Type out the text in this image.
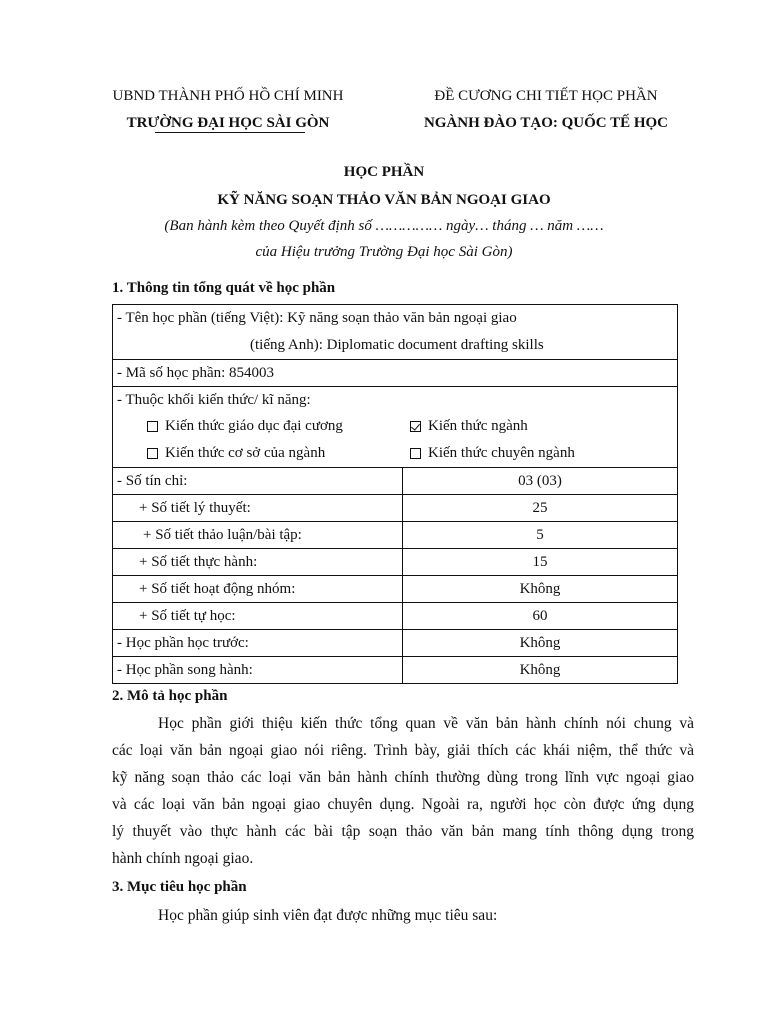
UBND THÀNH PHỐ HỒ CHÍ MINH
TRƯỜNG ĐẠI HỌC SÀI GÒN
ĐỀ CƯƠNG CHI TIẾT HỌC PHẦN
NGÀNH ĐÀO TẠO: QUỐC TẾ HỌC
HỌC PHẦN
KỸ NĂNG SOẠN THẢO VĂN BẢN NGOẠI GIAO
(Ban hành kèm theo Quyết định số …………… ngày… tháng … năm ……
của Hiệu trưởng Trường Đại học Sài Gòn)
1. Thông tin tổng quát về học phần
- Tên học phần (tiếng Việt): Kỹ năng soạn thảo văn bản ngoại giao
(tiếng Anh): Diplomatic document drafting skills	

- Mã số học phần: 854003	

- Thuộc khối kiến thức/ kĩ năng:
Kiến thức giáo dục đại cương Kiến thức ngành
Kiến thức cơ sở của ngành Kiến thức chuyên ngành	

- Số tín chỉ:	03 (03)
+ Số tiết lý thuyết:	25
+ Số tiết thảo luận/bài tập:	5
+ Số tiết thực hành:	15
+ Số tiết hoạt động nhóm:	Không
+ Số tiết tự học:	60
- Học phần học trước:	Không
- Học phần song hành:	Không
2. Mô tả học phần
Học phần giới thiệu kiến thức tổng quan về văn bản hành chính nói chung và
các loại văn bản ngoại giao nói riêng. Trình bày, giải thích các khái niệm, thể thức và
kỹ năng soạn thảo các loại văn bản hành chính thường dùng trong lĩnh vực ngoại giao
và các loại văn bản ngoại giao chuyên dụng. Ngoài ra, người học còn được ứng dụng
lý thuyết vào thực hành các bài tập soạn thảo văn bản mang tính thông dụng trong
hành chính ngoại giao.
3. Mục tiêu học phần
Học phần giúp sinh viên đạt được những mục tiêu sau:
